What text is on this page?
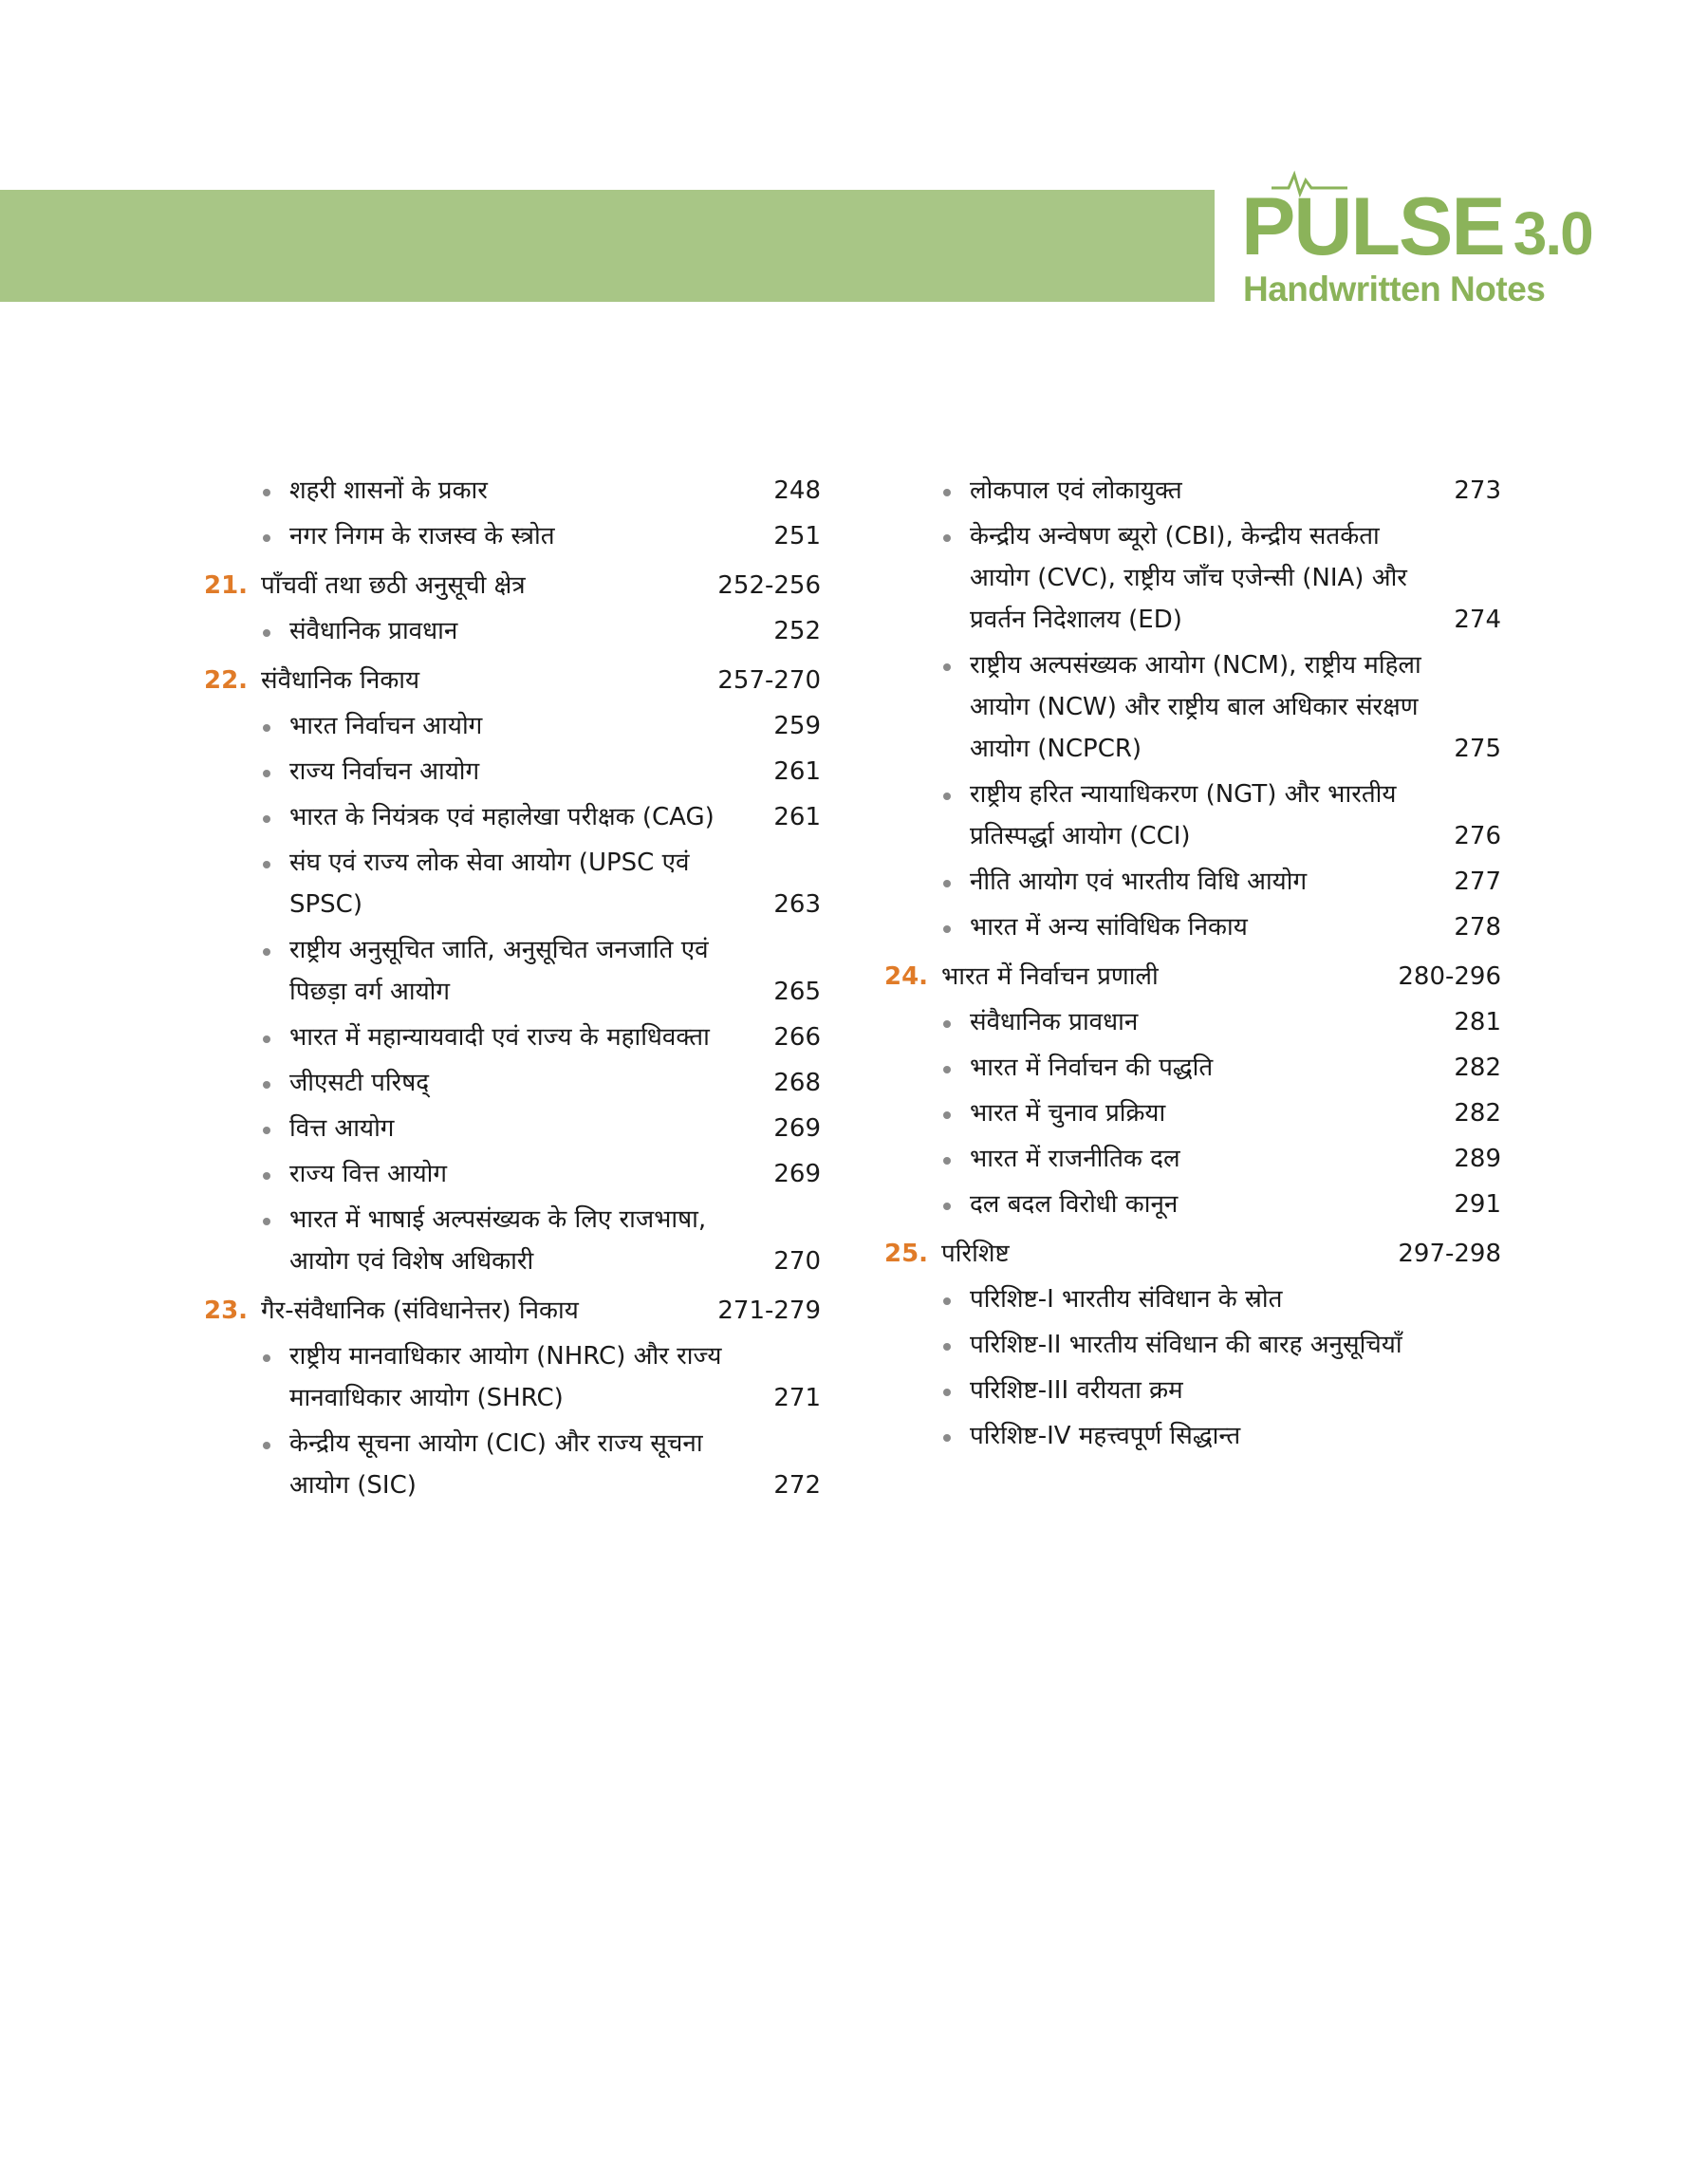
PULSE 3.0
Handwritten Notes
शहरी शासनों के प्रकार	248
नगर निगम के राजस्व के स्त्रोत	251
21. पाँचवीं तथा छठी अनुसूची क्षेत्र	252-256
संवैधानिक प्रावधान	252
22. संवैधानिक निकाय	257-270
भारत निर्वाचन आयोग	259
राज्य निर्वाचन आयोग	261
भारत के नियंत्रक एवं महालेखा परीक्षक (CAG)	261
संघ एवं राज्य लोक सेवा आयोग (UPSC एवं SPSC)	263
राष्ट्रीय अनुसूचित जाति, अनुसूचित जनजाति एवं पिछड़ा वर्ग आयोग	265
भारत में महान्यायवादी एवं राज्य के महाधिवक्ता	266
जीएसटी परिषद्	268
वित्त आयोग	269
राज्य वित्त आयोग	269
भारत में भाषाई अल्पसंख्यक के लिए राजभाषा, आयोग एवं विशेष अधिकारी	270
23. गैर-संवैधानिक (संविधानेत्तर) निकाय	271-279
राष्ट्रीय मानवाधिकार आयोग (NHRC) और राज्य मानवाधिकार आयोग (SHRC)	271
केन्द्रीय सूचना आयोग (CIC) और राज्य सूचना आयोग (SIC)	272
लोकपाल एवं लोकायुक्त	273
केन्द्रीय अन्वेषण ब्यूरो (CBI), केन्द्रीय सतर्कता आयोग (CVC), राष्ट्रीय जाँच एजेन्सी (NIA) और प्रवर्तन निदेशालय (ED)	274
राष्ट्रीय अल्पसंख्यक आयोग (NCM), राष्ट्रीय महिला आयोग (NCW) और राष्ट्रीय बाल अधिकार संरक्षण आयोग (NCPCR)	275
राष्ट्रीय हरित न्यायाधिकरण (NGT) और भारतीय प्रतिस्पर्द्धा आयोग (CCI)	276
नीति आयोग एवं भारतीय विधि आयोग	277
भारत में अन्य सांविधिक निकाय	278
24. भारत में निर्वाचन प्रणाली	280-296
संवैधानिक प्रावधान	281
भारत में निर्वाचन की पद्धति	282
भारत में चुनाव प्रक्रिया	282
भारत में राजनीतिक दल	289
दल बदल विरोधी कानून	291
25. परिशिष्ट	297-298
परिशिष्ट-I भारतीय संविधान के स्रोत
परिशिष्ट-II भारतीय संविधान की बारह अनुसूचियाँ
परिशिष्ट-III वरीयता क्रम
परिशिष्ट-IV महत्त्वपूर्ण सिद्धान्त
